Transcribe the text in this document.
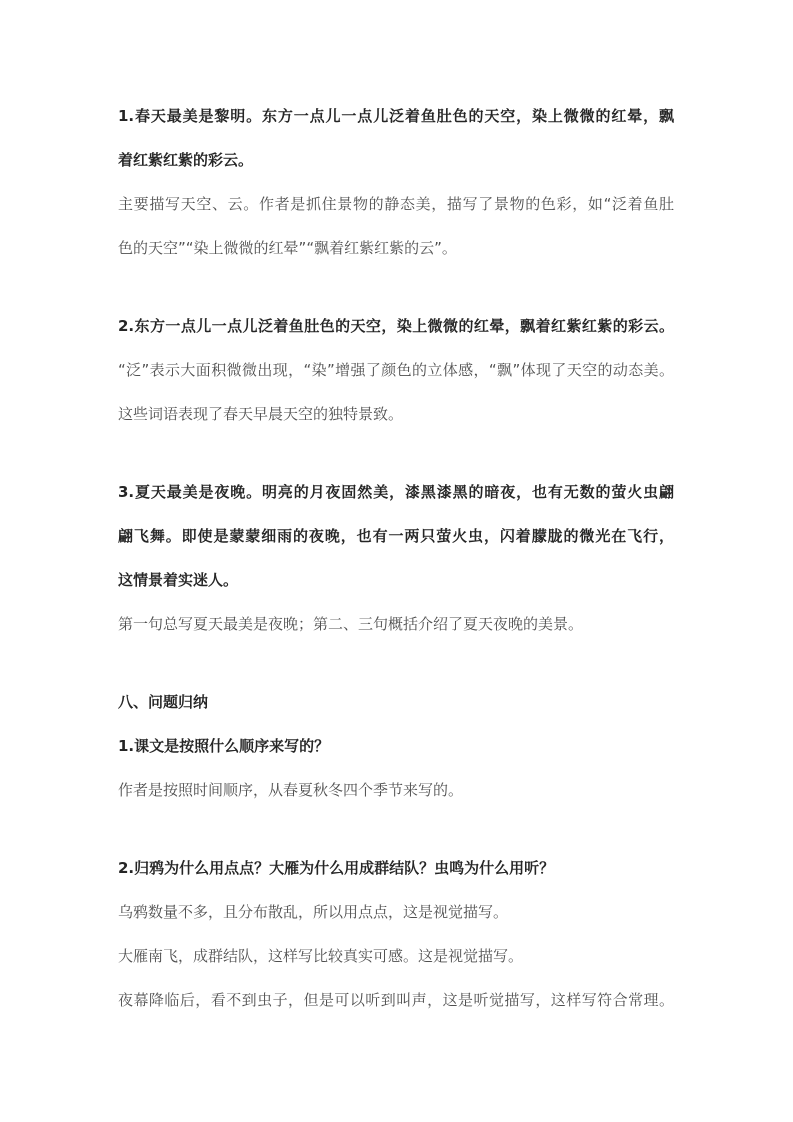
1.春天最美是黎明。东方一点儿一点儿泛着鱼肚色的天空，染上微微的红晕，飘
着红紫红紫的彩云。
主要描写天空、云。作者是抓住景物的静态美，描写了景物的色彩，如“泛着鱼肚
色的天空”“染上微微的红晕”“飘着红紫红紫的云”。
2.东方一点儿一点儿泛着鱼肚色的天空，染上微微的红晕，飘着红紫红紫的彩云。
“泛”表示大面积微微出现，“染”增强了颜色的立体感，“飘”体现了天空的动态美。
这些词语表现了春天早晨天空的独特景致。
3.夏天最美是夜晚。明亮的月夜固然美，漆黑漆黑的暗夜，也有无数的萤火虫翩
翩飞舞。即使是蒙蒙细雨的夜晚，也有一两只萤火虫，闪着朦胧的微光在飞行，
这情景着实迷人。
第一句总写夏天最美是夜晚；第二、三句概括介绍了夏天夜晚的美景。
八、问题归纳
1.课文是按照什么顺序来写的？
作者是按照时间顺序，从春夏秋冬四个季节来写的。
2.归鸦为什么用点点？大雁为什么用成群结队？虫鸣为什么用听？
乌鸦数量不多，且分布散乱，所以用点点，这是视觉描写。
大雁南飞，成群结队，这样写比较真实可感。这是视觉描写。
夜幕降临后，看不到虫子，但是可以听到叫声，这是听觉描写，这样写符合常理。
